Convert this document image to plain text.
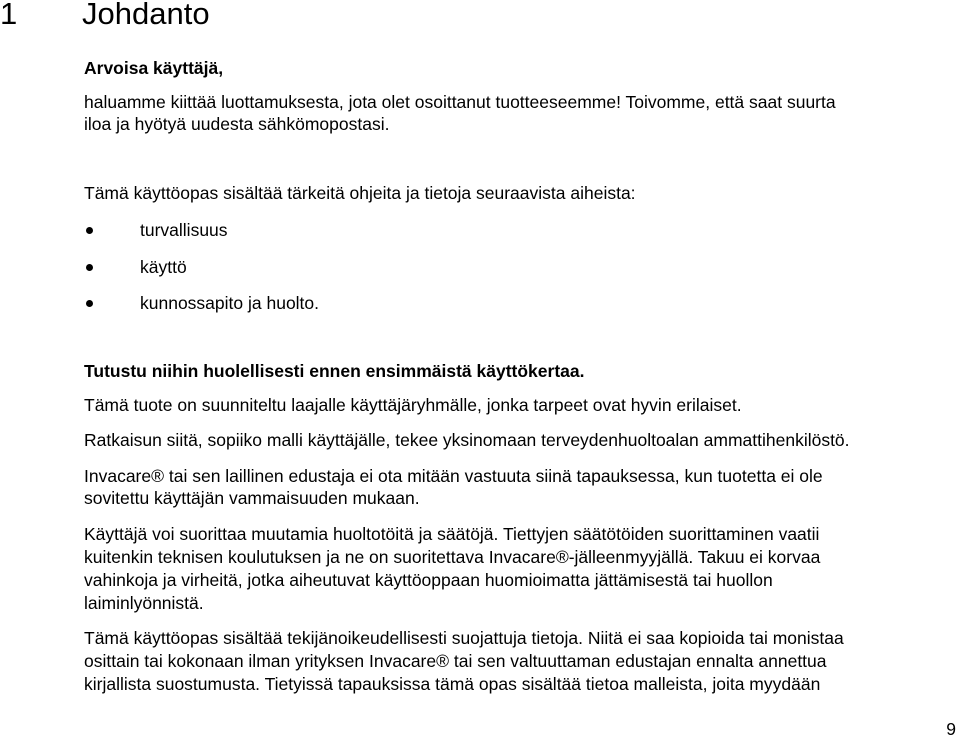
1 Johdanto
Arvoisa käyttäjä,
haluamme kiittää luottamuksesta, jota olet osoittanut tuotteeseemme! Toivomme, että saat suurta
iloa ja hyötyä uudesta sähkömopostasi.
Tämä käyttöopas sisältää tärkeitä ohjeita ja tietoja seuraavista aiheista:
turvallisuus
käyttö
kunnossapito ja huolto.
Tutustu niihin huolellisesti ennen ensimmäistä käyttökertaa.
Tämä tuote on suunniteltu laajalle käyttäjäryhmälle, jonka tarpeet ovat hyvin erilaiset.
Ratkaisun siitä, sopiiko malli käyttäjälle, tekee yksinomaan terveydenhuoltoalan ammattihenkilöstö.
Invacare® tai sen laillinen edustaja ei ota mitään vastuuta siinä tapauksessa, kun tuotetta ei ole
sovitettu käyttäjän vammaisuuden mukaan.
Käyttäjä voi suorittaa muutamia huoltotöitä ja säätöjä. Tiettyjen säätötöiden suorittaminen vaatii
kuitenkin teknisen koulutuksen ja ne on suoritettava Invacare®-jälleenmyyjällä. Takuu ei korvaa
vahinkoja ja virheitä, jotka aiheutuvat käyttöoppaan huomioimatta jättämisestä tai huollon
laiminlyönnistä.
Tämä käyttöopas sisältää tekijänoikeudellisesti suojattuja tietoja. Niitä ei saa kopioida tai monistaa
osittain tai kokonaan ilman yrityksen Invacare® tai sen valtuuttaman edustajan ennalta annettua
kirjallista suostumusta. Tietyissä tapauksissa tämä opas sisältää tietoa malleista, joita myydään
9
